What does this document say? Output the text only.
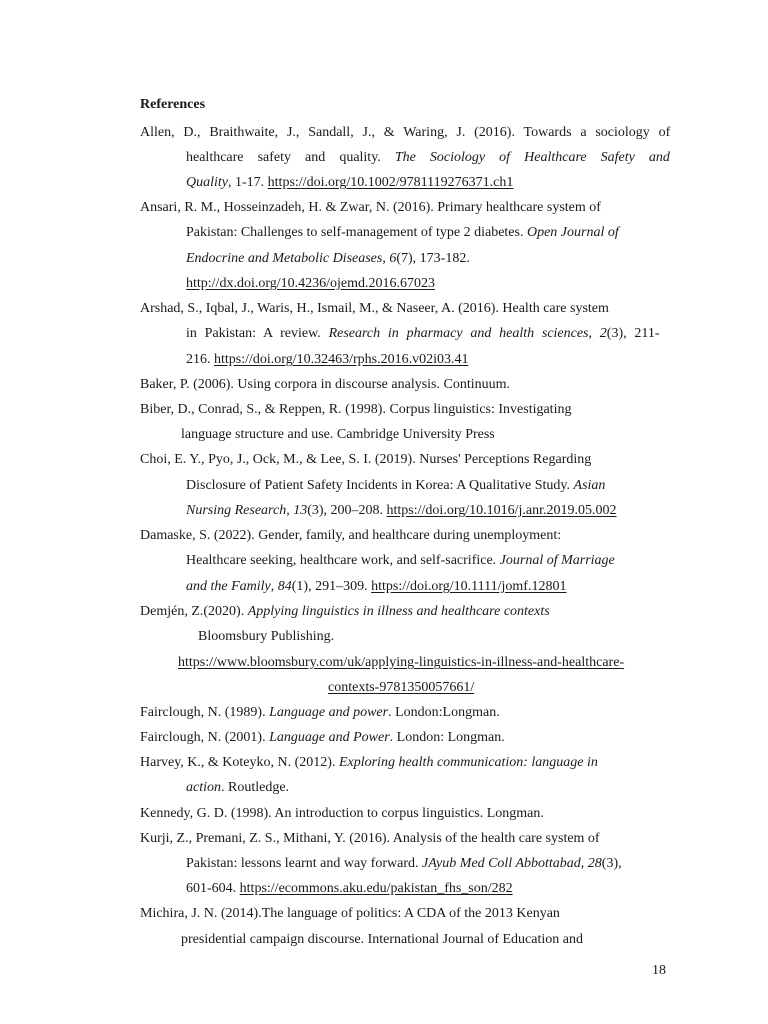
References
Allen, D., Braithwaite, J., Sandall, J., & Waring, J. (2016). Towards a sociology of
healthcare safety and quality. The Sociology of Healthcare Safety and
Quality, 1-17. https://doi.org/10.1002/9781119276371.ch1
Ansari, R. M., Hosseinzadeh, H. & Zwar, N. (2016). Primary healthcare system of
Pakistan: Challenges to self-management of type 2 diabetes. Open Journal of
Endocrine and Metabolic Diseases, 6(7), 173-182.
http://dx.doi.org/10.4236/ojemd.2016.67023
Arshad, S., Iqbal, J., Waris, H., Ismail, M., & Naseer, A. (2016). Health care system
in Pakistan: A review. Research in pharmacy and health sciences, 2(3), 211-
216. https://doi.org/10.32463/rphs.2016.v02i03.41
Baker, P. (2006). Using corpora in discourse analysis. Continuum.
Biber, D., Conrad, S., & Reppen, R. (1998). Corpus linguistics: Investigating
language structure and use. Cambridge University Press
Choi, E. Y., Pyo, J., Ock, M., & Lee, S. I. (2019). Nurses' Perceptions Regarding
Disclosure of Patient Safety Incidents in Korea: A Qualitative Study. Asian
Nursing Research, 13(3), 200–208. https://doi.org/10.1016/j.anr.2019.05.002
Damaske, S. (2022). Gender, family, and healthcare during unemployment:
Healthcare seeking, healthcare work, and self-sacrifice. Journal of Marriage
and the Family, 84(1), 291–309. https://doi.org/10.1111/jomf.12801
Demjén, Z.(2020). Applying linguistics in illness and healthcare contexts
Bloomsbury Publishing.
https://www.bloomsbury.com/uk/applying-linguistics-in-illness-and-healthcare-
contexts-9781350057661/
Fairclough, N. (1989). Language and power. London:Longman.
Fairclough, N. (2001). Language and Power. London: Longman.
Harvey, K., & Koteyko, N. (2012). Exploring health communication: language in
action. Routledge.
Kennedy, G. D. (1998). An introduction to corpus linguistics. Longman.
Kurji, Z., Premani, Z. S., Mithani, Y. (2016). Analysis of the health care system of
Pakistan: lessons learnt and way forward. JAyub Med Coll Abbottabad, 28(3),
601-604. https://ecommons.aku.edu/pakistan_fhs_son/282
Michira, J. N. (2014).The language of politics: A CDA of the 2013 Kenyan
presidential campaign discourse. International Journal of Education and
18
